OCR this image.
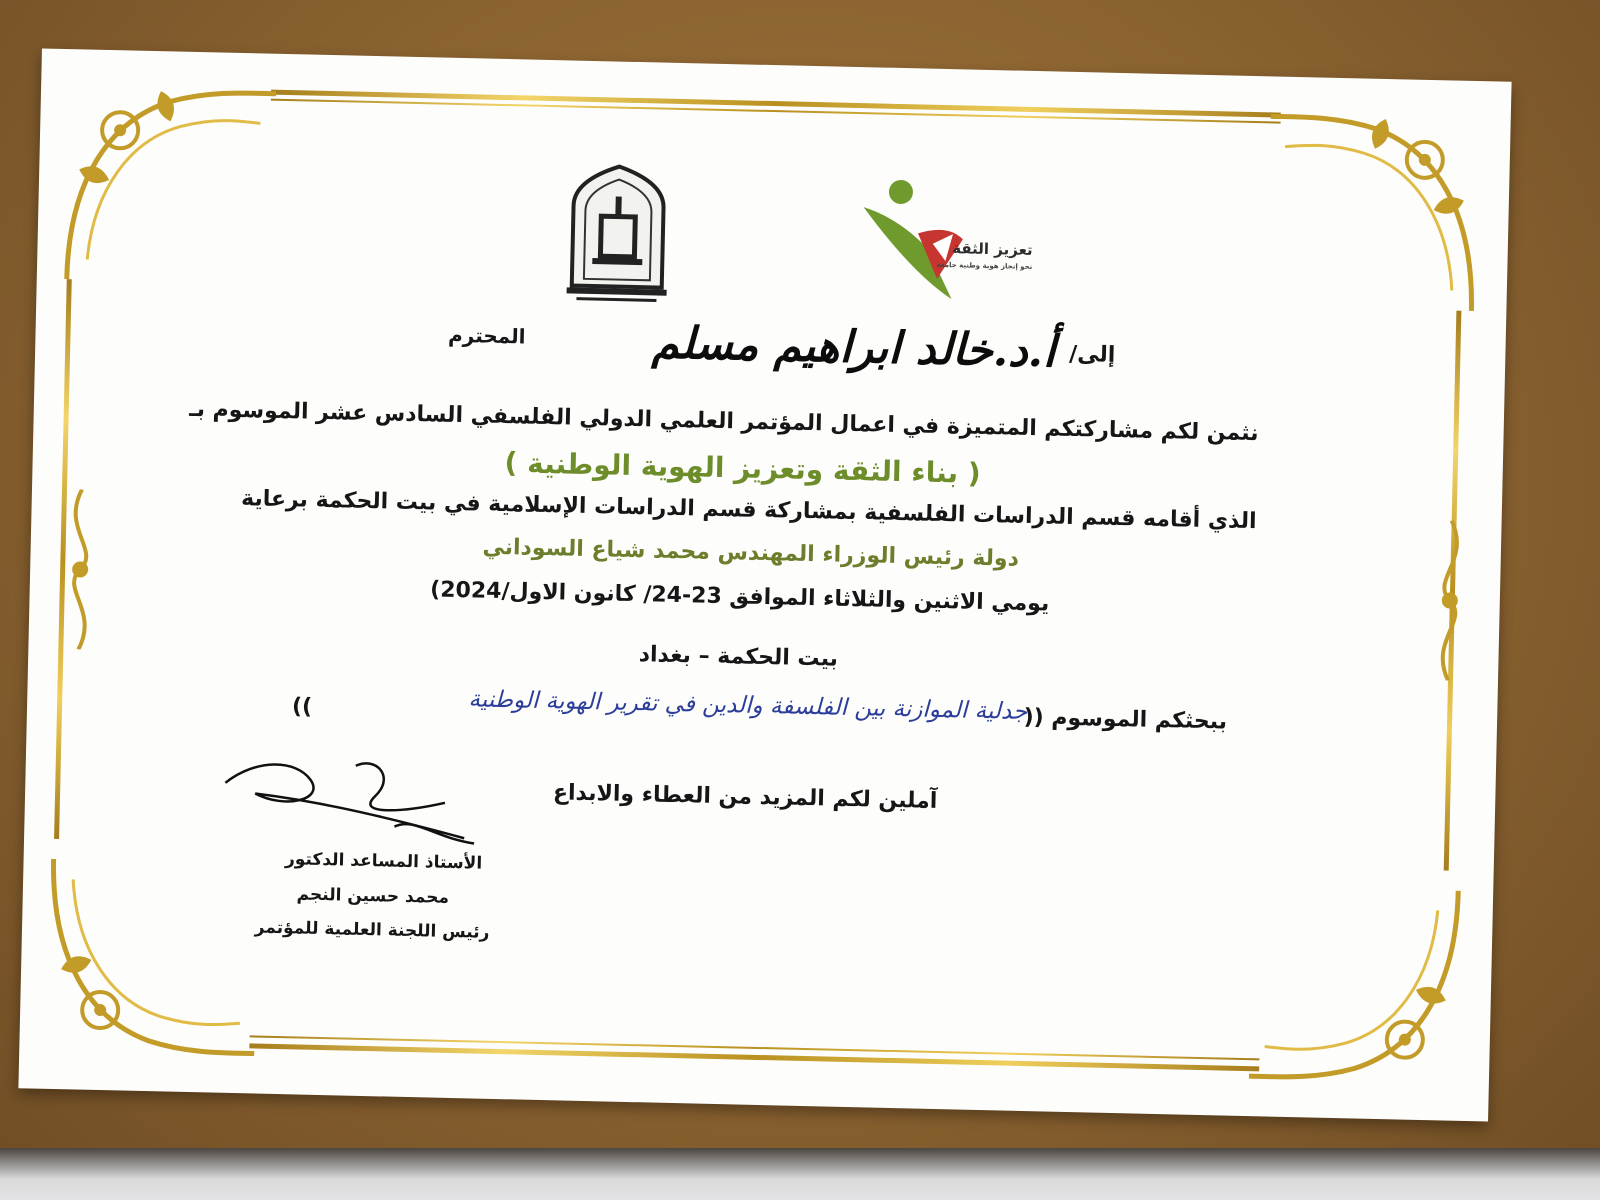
تعزيز الثقة
نحو إنجاز هوية وطنية جامعة
إلى/
أ.د.خالد ابراهيم مسلم
المحترم
نثمن لكم مشاركتكم المتميزة في اعمال المؤتمر العلمي الدولي الفلسفي السادس عشر الموسوم بـ
( بناء الثقة وتعزيز الهوية الوطنية )
الذي أقامه قسم الدراسات الفلسفية بمشاركة قسم الدراسات الإسلامية في بيت الحكمة برعاية
دولة رئيس الوزراء المهندس محمد شياع السوداني
يومي الاثنين والثلاثاء الموافق 23-24/ كانون الاول/2024)
بيت الحكمة – بغداد
ببحثكم الموسوم ((
جدلية الموازنة بين الفلسفة والدين في تقرير الهوية الوطنية
))
آملين لكم المزيد من العطاء والابداع
الأستاذ المساعد الدكتور
محمد حسين النجم
رئيس اللجنة العلمية للمؤتمر
